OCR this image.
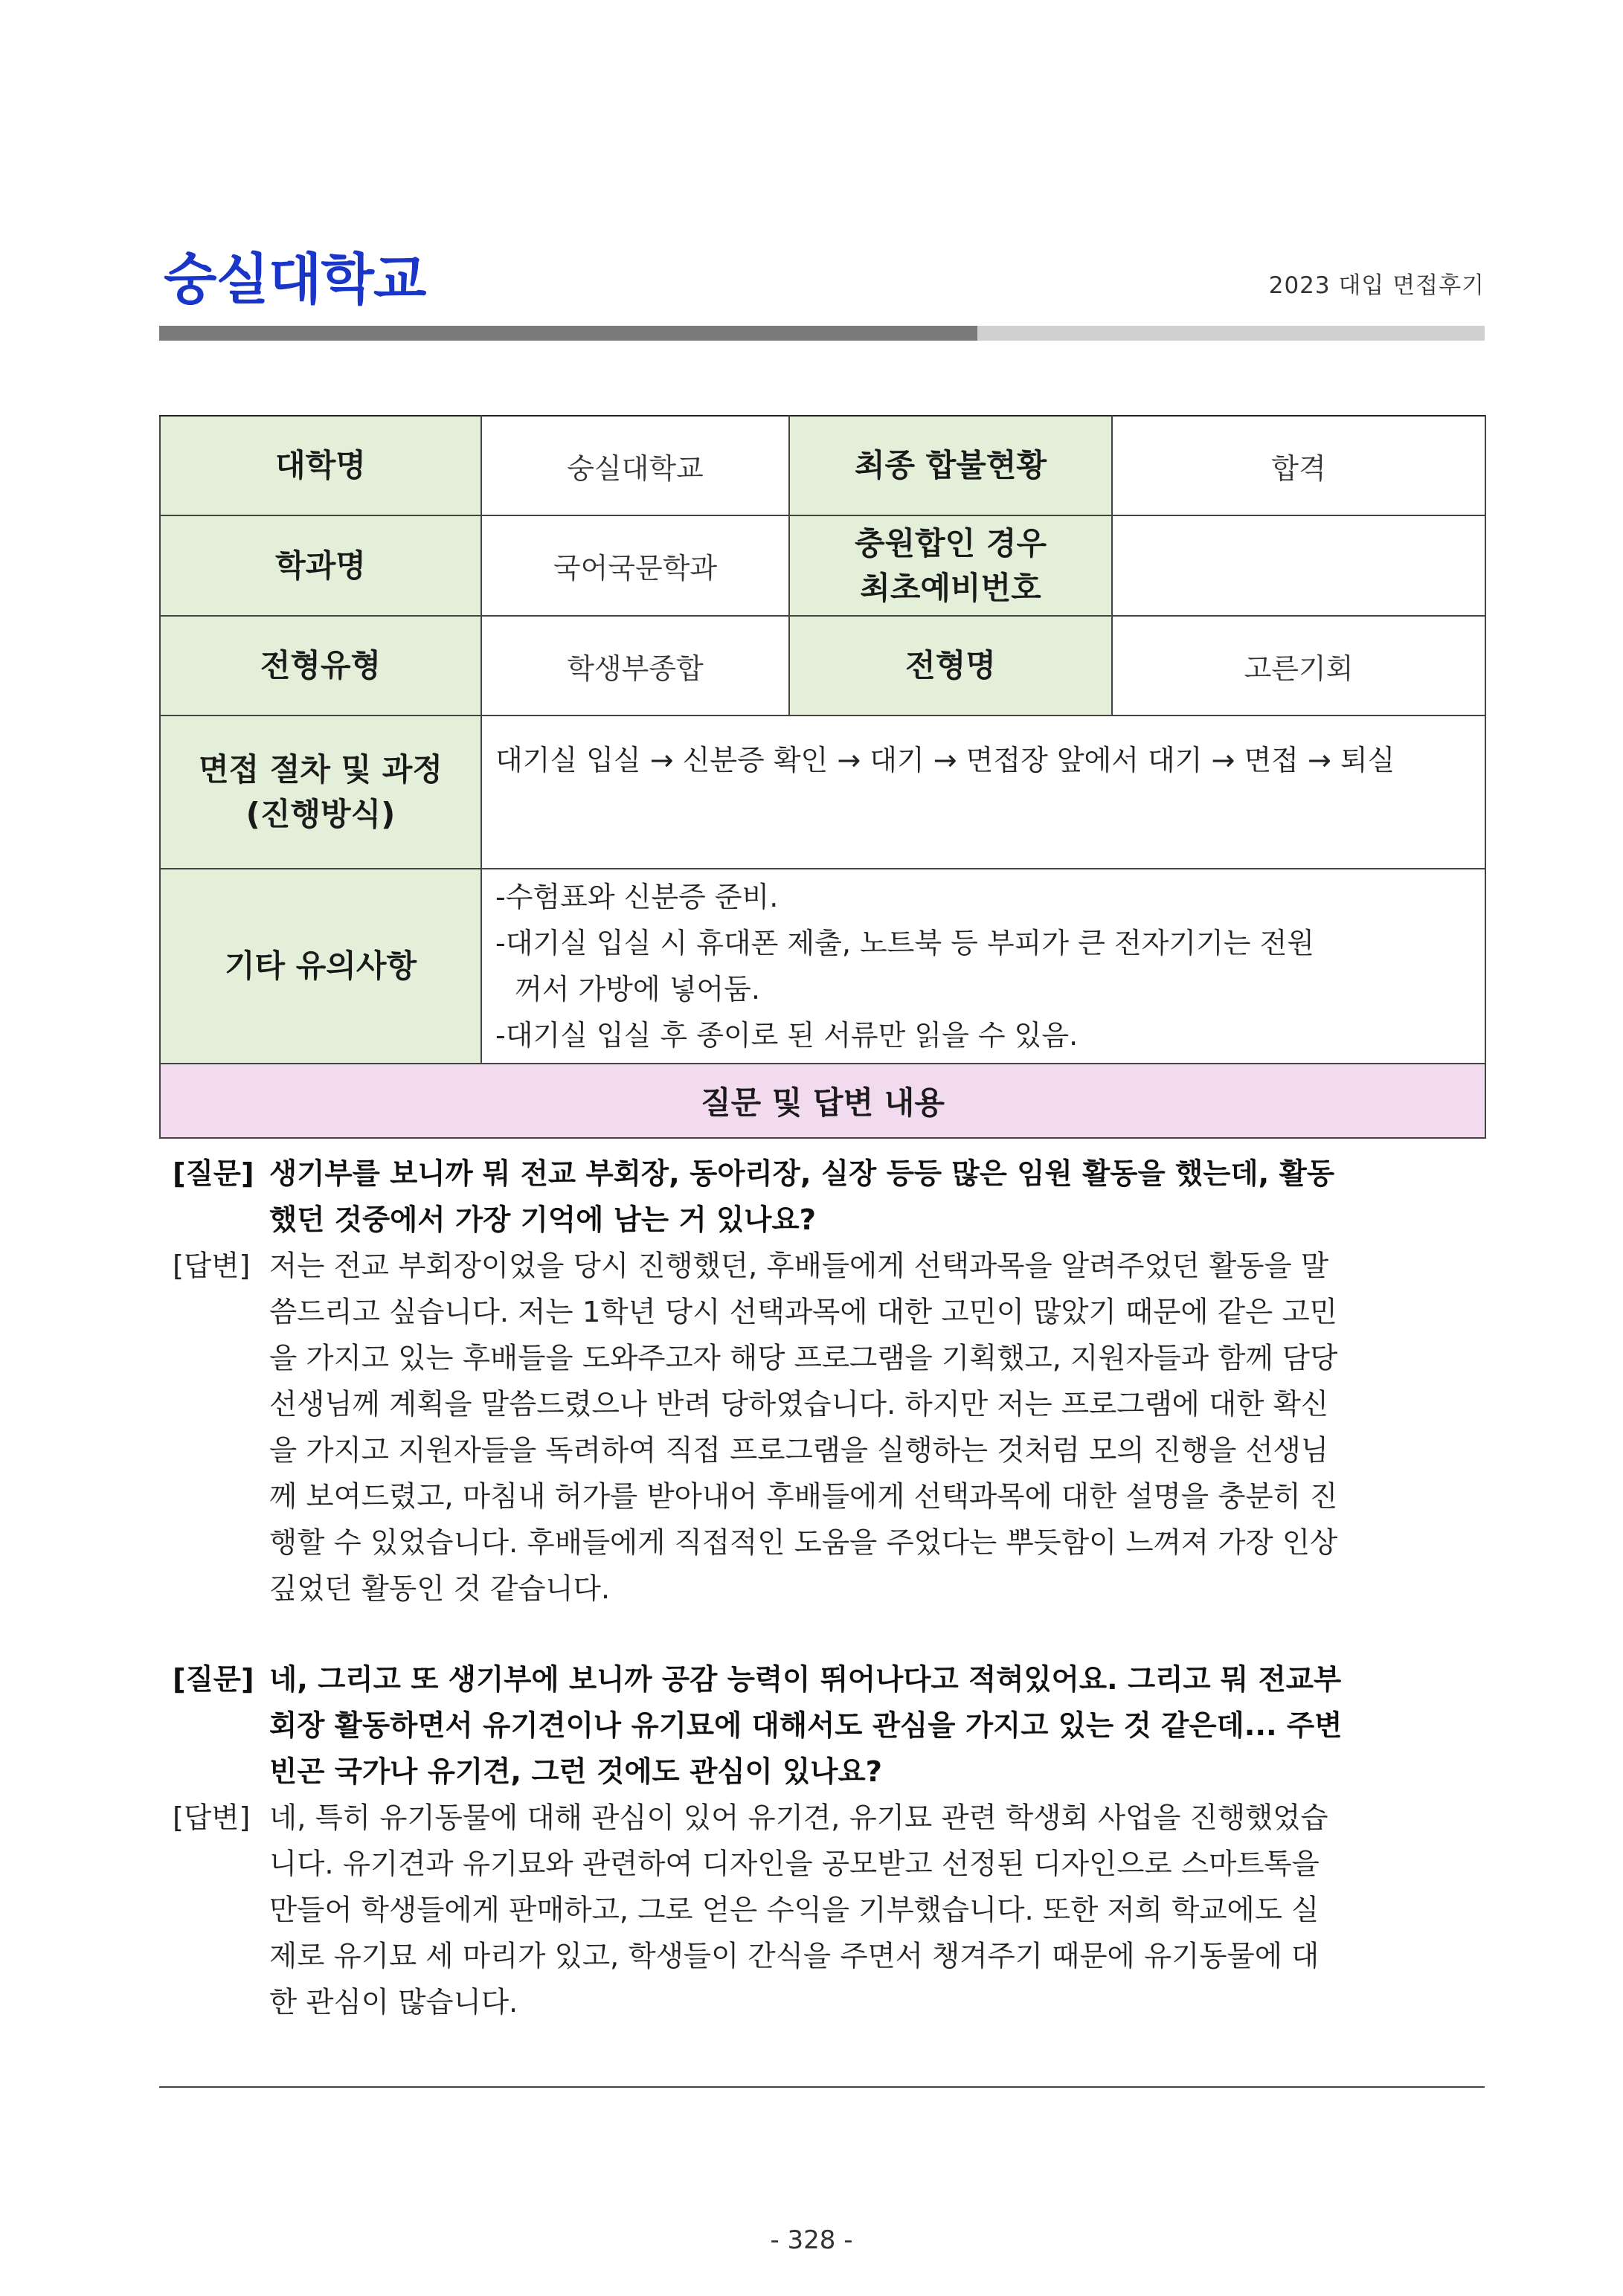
숭실대학교	2023 대입 면접후기
대학명	숭실대학교	최종 합불현황	합격
학과명	국어국문학과	충원합인 경우
최초예비번호	

전형유형	학생부종합	전형명	고른기회

면접 절차 및 과정
(진행방식)	대기실 입실 → 신분증 확인 → 대기 → 면접장 앞에서 대기 → 면접 → 퇴실		
기타 유의사항	-수험표와 신분증 준비.

-대기실 입실 시 휴대폰 제출, 노트북 등 부피가 큰 전자기기는 전원

꺼서 가방에 넣어둠.

-대기실 입실 후 종이로 된 서류만 읽을 수 있음.		

질문 및 답변 내용			
[질문] 생기부를 보니까 뭐 전교 부회장, 동아리장, 실장 등등 많은 임원 활동을 했는데, 활동
했던 것중에서 가장 기억에 남는 거 있나요?
[답변] 저는 전교 부회장이었을 당시 진행했던, 후배들에게 선택과목을 알려주었던 활동을 말
씀드리고 싶습니다. 저는 1학년 당시 선택과목에 대한 고민이 많았기 때문에 같은 고민
을 가지고 있는 후배들을 도와주고자 해당 프로그램을 기획했고, 지원자들과 함께 담당
선생님께 계획을 말씀드렸으나 반려 당하였습니다. 하지만 저는 프로그램에 대한 확신
을 가지고 지원자들을 독려하여 직접 프로그램을 실행하는 것처럼 모의 진행을 선생님
께 보여드렸고, 마침내 허가를 받아내어 후배들에게 선택과목에 대한 설명을 충분히 진
행할 수 있었습니다. 후배들에게 직접적인 도움을 주었다는 뿌듯함이 느껴져 가장 인상
깊었던 활동인 것 같습니다.
[질문] 네, 그리고 또 생기부에 보니까 공감 능력이 뛰어나다고 적혀있어요. 그리고 뭐 전교부
회장 활동하면서 유기견이나 유기묘에 대해서도 관심을 가지고 있는 것 같은데... 주변
빈곤 국가나 유기견, 그런 것에도 관심이 있나요?
[답변] 네, 특히 유기동물에 대해 관심이 있어 유기견, 유기묘 관련 학생회 사업을 진행했었습
니다. 유기견과 유기묘와 관련하여 디자인을 공모받고 선정된 디자인으로 스마트톡을
만들어 학생들에게 판매하고, 그로 얻은 수익을 기부했습니다. 또한 저희 학교에도 실
제로 유기묘 세 마리가 있고, 학생들이 간식을 주면서 챙겨주기 때문에 유기동물에 대
한 관심이 많습니다.
- 328 -
